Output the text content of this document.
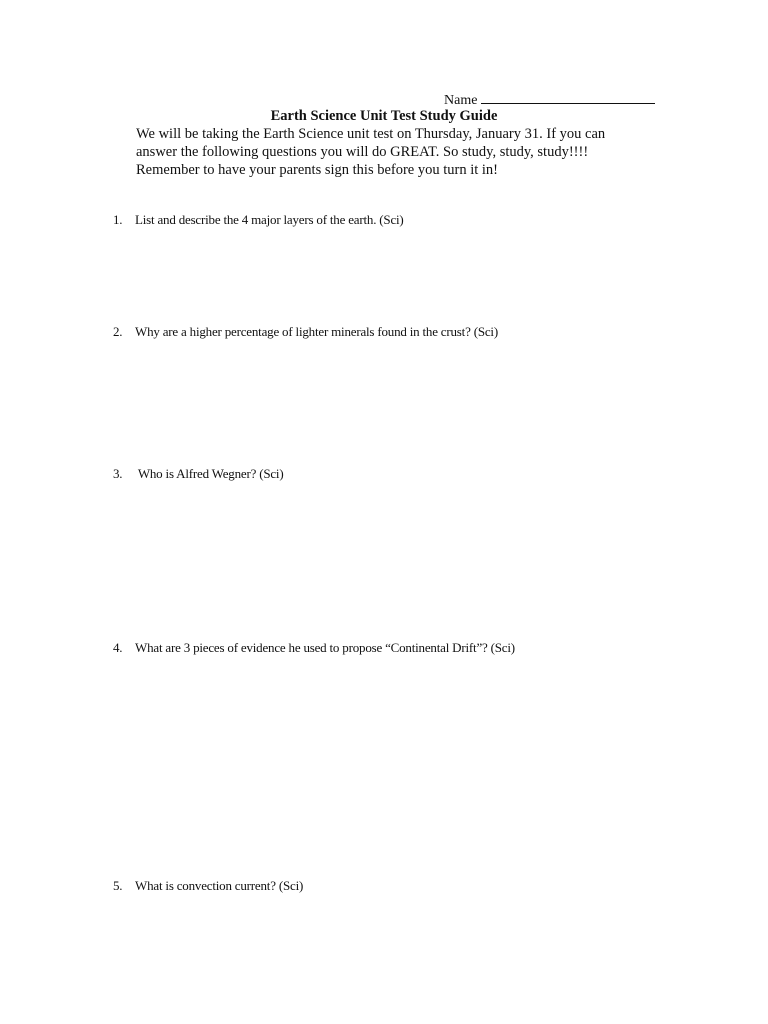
Name
Earth Science Unit Test Study Guide
We will be taking the Earth Science unit test on Thursday, January 31. If you can
answer the following questions you will do GREAT. So study, study, study!!!!
Remember to have your parents sign this before you turn it in!
1. List and describe the 4 major layers of the earth. (Sci)
2. Why are a higher percentage of lighter minerals found in the crust? (Sci)
3. Who is Alfred Wegner? (Sci)
4. What are 3 pieces of evidence he used to propose “Continental Drift”? (Sci)
5. What is convection current? (Sci)
